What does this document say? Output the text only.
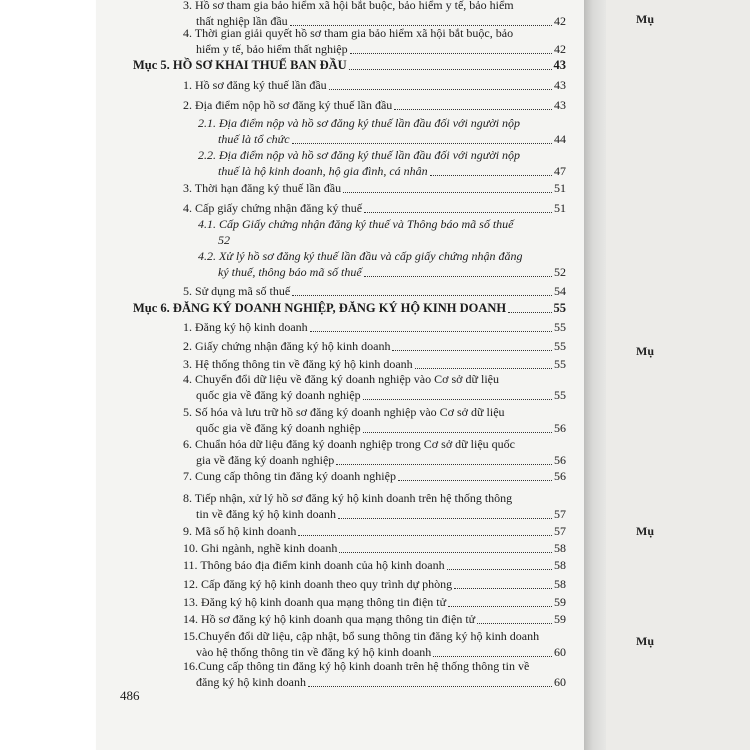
3. Hồ sơ tham gia bảo hiểm xã hội bắt buộc, bảo hiểm y tế, bảo hiểm
thất nghiệp lần đầu	42
4. Thời gian giải quyết hồ sơ tham gia bảo hiểm xã hội bắt buộc, bảo
hiểm y tế, bảo hiểm thất nghiệp	42
Mục 5. HỒ SƠ KHAI THUẾ BAN ĐẦU	43
1. Hồ sơ đăng ký thuế lần đầu	43
2. Địa điểm nộp hồ sơ đăng ký thuế lần đầu	43
2.1. Địa điểm nộp và hồ sơ đăng ký thuế lần đầu đối với người nộp
thuế là tổ chức	44
2.2. Địa điểm nộp và hồ sơ đăng ký thuế lần đầu đối với người nộp
thuế là hộ kinh doanh, hộ gia đình, cá nhân	47
3. Thời hạn đăng ký thuế lần đầu	51
4. Cấp giấy chứng nhận đăng ký thuế	51
4.1. Cấp Giấy chứng nhận đăng ký thuế và Thông báo mã số thuế
52
4.2. Xử lý hồ sơ đăng ký thuế lần đầu và cấp giấy chứng nhận đăng
ký thuế, thông báo mã số thuế	52
5. Sử dụng mã số thuế	54
Mục 6. ĐĂNG KÝ DOANH NGHIỆP, ĐĂNG KÝ HỘ KINH DOANH	55
1. Đăng ký hộ kinh doanh	55
2. Giấy chứng nhận đăng ký hộ kinh doanh	55
3. Hệ thống thông tin về đăng ký hộ kinh doanh	55
4. Chuyển đổi dữ liệu về đăng ký doanh nghiệp vào Cơ sở dữ liệu
quốc gia về đăng ký doanh nghiệp	55
5. Số hóa và lưu trữ hồ sơ đăng ký doanh nghiệp vào Cơ sở dữ liệu
quốc gia về đăng ký doanh nghiệp	56
6. Chuẩn hóa dữ liệu đăng ký doanh nghiệp trong Cơ sở dữ liệu quốc
gia về đăng ký doanh nghiệp	56
7. Cung cấp thông tin đăng ký doanh nghiệp	56
8. Tiếp nhận, xử lý hồ sơ đăng ký hộ kinh doanh trên hệ thống thông
tin về đăng ký hộ kinh doanh	57
9. Mã số hộ kinh doanh	57
10. Ghi ngành, nghề kinh doanh	58
11. Thông báo địa điểm kinh doanh của hộ kinh doanh	58
12. Cấp đăng ký hộ kinh doanh theo quy trình dự phòng	58
13. Đăng ký hộ kinh doanh qua mạng thông tin điện tử	59
14. Hồ sơ đăng ký hộ kinh doanh qua mạng thông tin điện tử	59
15.Chuyển đổi dữ liệu, cập nhật, bổ sung thông tin đăng ký hộ kinh doanh
vào hệ thống thông tin về đăng ký hộ kinh doanh	60
16.Cung cấp thông tin đăng ký hộ kinh doanh trên hệ thống thông tin về
đăng ký hộ kinh doanh	60
Mụ
Mụ
Mụ
Mụ
486
